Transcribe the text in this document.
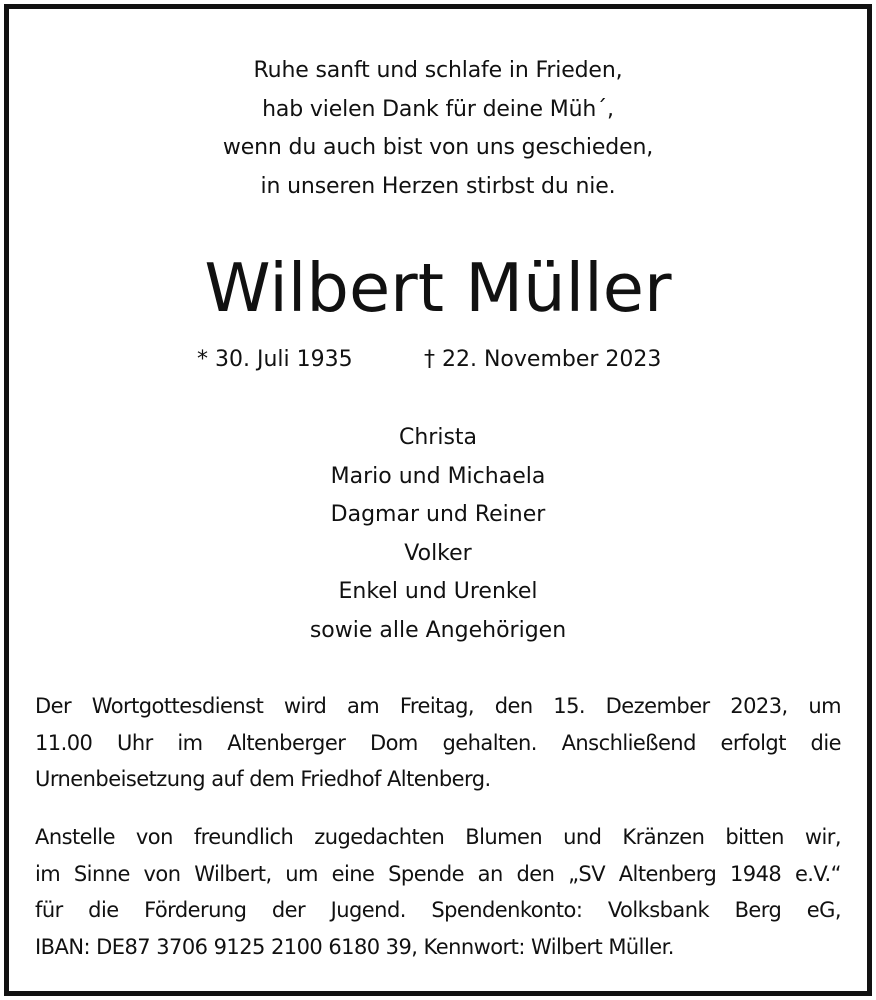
Ruhe sanft und schlafe in Frieden,
hab vielen Dank für deine Müh´,
wenn du auch bist von uns geschieden,
in unseren Herzen stirbst du nie.
Wilbert Müller
* 30. Juli 1935	† 22. November 2023
Christa
Mario und Michaela
Dagmar und Reiner
Volker
Enkel und Urenkel
sowie alle Angehörigen
Der Wortgottesdienst wird am Freitag, den 15. Dezember 2023, um
11.00 Uhr im Altenberger Dom gehalten. Anschließend erfolgt die
Urnenbeisetzung auf dem Friedhof Altenberg.
Anstelle von freundlich zugedachten Blumen und Kränzen bitten wir,
im Sinne von Wilbert, um eine Spende an den „SV Altenberg 1948 e.V.“
für die Förderung der Jugend. Spendenkonto: Volksbank Berg eG,
IBAN: DE87 3706 9125 2100 6180 39, Kennwort: Wilbert Müller.
